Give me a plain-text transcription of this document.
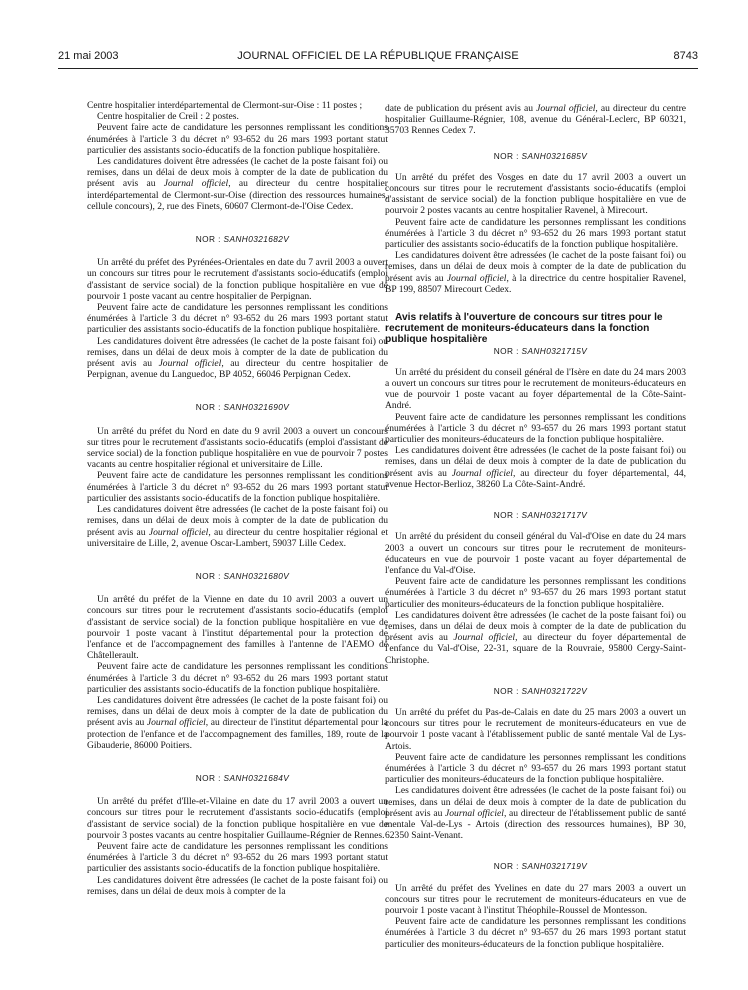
21 mai 2003	JOURNAL OFFICIEL DE LA RÉPUBLIQUE FRANÇAISE	8743

Centre hospitalier interdépartemental de Clermont-sur-Oise : 11 postes ;

Centre hospitalier de Creil : 2 postes.

Peuvent faire acte de candidature les personnes remplissant les conditions énumérées à l'article 3 du décret n° 93-652 du 26 mars 1993 portant statut particulier des assistants socio-éducatifs de la fonction publique hospitalière.

Les candidatures doivent être adressées (le cachet de la poste faisant foi) ou remises, dans un délai de deux mois à compter de la date de publication du présent avis au Journal officiel, au directeur du centre hospitalier interdépartemental de Clermont-sur-Oise (direction des ressources humaines, cellule concours), 2, rue des Finets, 60607 Clermont-de-l'Oise Cedex.

NOR : SANH0321682V

Un arrêté du préfet des Pyrénées-Orientales en date du 7 avril 2003 a ouvert un concours sur titres pour le recrutement d'assistants socio-éducatifs (emploi d'assistant de service social) de la fonction publique hospitalière en vue de pourvoir 1 poste vacant au centre hospitalier de Perpignan.

Peuvent faire acte de candidature les personnes remplissant les conditions énumérées à l'article 3 du décret n° 93-652 du 26 mars 1993 portant statut particulier des assistants socio-éducatifs de la fonction publique hospitalière.

Les candidatures doivent être adressées (le cachet de la poste faisant foi) ou remises, dans un délai de deux mois à compter de la date de publication du présent avis au Journal officiel, au directeur du centre hospitalier de Perpignan, avenue du Languedoc, BP 4052, 66046 Perpignan Cedex.

NOR : SANH0321690V

Un arrêté du préfet du Nord en date du 9 avril 2003 a ouvert un concours sur titres pour le recrutement d'assistants socio-éducatifs (emploi d'assistant de service social) de la fonction publique hospitalière en vue de pourvoir 7 postes vacants au centre hospitalier régional et universitaire de Lille.

Peuvent faire acte de candidature les personnes remplissant les conditions énumérées à l'article 3 du décret n° 93-652 du 26 mars 1993 portant statut particulier des assistants socio-éducatifs de la fonction publique hospitalière.

Les candidatures doivent être adressées (le cachet de la poste faisant foi) ou remises, dans un délai de deux mois à compter de la date de publication du présent avis au Journal officiel, au directeur du centre hospitalier régional et universitaire de Lille, 2, avenue Oscar-Lambert, 59037 Lille Cedex.

NOR : SANH0321680V

Un arrêté du préfet de la Vienne en date du 10 avril 2003 a ouvert un concours sur titres pour le recrutement d'assistants socio-éducatifs (emploi d'assistant de service social) de la fonction publique hospitalière en vue de pourvoir 1 poste vacant à l'institut départemental pour la protection de l'enfance et de l'accompagnement des familles à l'antenne de l'AEMO de Châtellerault.

Peuvent faire acte de candidature les personnes remplissant les conditions énumérées à l'article 3 du décret n° 93-652 du 26 mars 1993 portant statut particulier des assistants socio-éducatifs de la fonction publique hospitalière.

Les candidatures doivent être adressées (le cachet de la poste faisant foi) ou remises, dans un délai de deux mois à compter de la date de publication du présent avis au Journal officiel, au directeur de l'institut départemental pour la protection de l'enfance et de l'accompagnement des familles, 189, route de la Gibauderie, 86000 Poitiers.

NOR : SANH0321684V

Un arrêté du préfet d'Ille-et-Vilaine en date du 17 avril 2003 a ouvert un concours sur titres pour le recrutement d'assistants socio-éducatifs (emploi d'assistant de service social) de la fonction publique hospitalière en vue de pourvoir 3 postes vacants au centre hospitalier Guillaume-Régnier de Rennes.

Peuvent faire acte de candidature les personnes remplissant les conditions énumérées à l'article 3 du décret n° 93-652 du 26 mars 1993 portant statut particulier des assistants socio-éducatifs de la fonction publique hospitalière.

Les candidatures doivent être adressées (le cachet de la poste faisant foi) ou remises, dans un délai de deux mois à compter de la

date de publication du présent avis au Journal officiel, au directeur du centre hospitalier Guillaume-Régnier, 108, avenue du Général-Leclerc, BP 60321, 35703 Rennes Cedex 7.

NOR : SANH0321685V

Un arrêté du préfet des Vosges en date du 17 avril 2003 a ouvert un concours sur titres pour le recrutement d'assistants socio-éducatifs (emploi d'assistant de service social) de la fonction publique hospitalière en vue de pourvoir 2 postes vacants au centre hospitalier Ravenel, à Mirecourt.

Peuvent faire acte de candidature les personnes remplissant les conditions énumérées à l'article 3 du décret n° 93-652 du 26 mars 1993 portant statut particulier des assistants socio-éducatifs de la fonction publique hospitalière.

Les candidatures doivent être adressées (le cachet de la poste faisant foi) ou remises, dans un délai de deux mois à compter de la date de publication du présent avis au Journal officiel, à la directrice du centre hospitalier Ravenel, BP 199, 88507 Mirecourt Cedex.

Avis relatifs à l'ouverture de concours sur titres pour le recrutement de moniteurs-éducateurs dans la fonction publique hospitalière

NOR : SANH0321715V

Un arrêté du président du conseil général de l'Isère en date du 24 mars 2003 a ouvert un concours sur titres pour le recrutement de moniteurs-éducateurs en vue de pourvoir 1 poste vacant au foyer départemental de la Côte-Saint-André.

Peuvent faire acte de candidature les personnes remplissant les conditions énumérées à l'article 3 du décret n° 93-657 du 26 mars 1993 portant statut particulier des moniteurs-éducateurs de la fonction publique hospitalière.

Les candidatures doivent être adressées (le cachet de la poste faisant foi) ou remises, dans un délai de deux mois à compter de la date de publication du présent avis au Journal officiel, au directeur du foyer départemental, 44, avenue Hector-Berlioz, 38260 La Côte-Saint-André.

NOR : SANH0321717V

Un arrêté du président du conseil général du Val-d'Oise en date du 24 mars 2003 a ouvert un concours sur titres pour le recrutement de moniteurs-éducateurs en vue de pourvoir 1 poste vacant au foyer départemental de l'enfance du Val-d'Oise.

Peuvent faire acte de candidature les personnes remplissant les conditions énumérées à l'article 3 du décret n° 93-657 du 26 mars 1993 portant statut particulier des moniteurs-éducateurs de la fonction publique hospitalière.

Les candidatures doivent être adressées (le cachet de la poste faisant foi) ou remises, dans un délai de deux mois à compter de la date de publication du présent avis au Journal officiel, au directeur du foyer départemental de l'enfance du Val-d'Oise, 22-31, square de la Rouvraie, 95800 Cergy-Saint-Christophe.

NOR : SANH0321722V

Un arrêté du préfet du Pas-de-Calais en date du 25 mars 2003 a ouvert un concours sur titres pour le recrutement de moniteurs-éducateurs en vue de pourvoir 1 poste vacant à l'établissement public de santé mentale Val de Lys-Artois.

Peuvent faire acte de candidature les personnes remplissant les conditions énumérées à l'article 3 du décret n° 93-657 du 26 mars 1993 portant statut particulier des moniteurs-éducateurs de la fonction publique hospitalière.

Les candidatures doivent être adressées (le cachet de la poste faisant foi) ou remises, dans un délai de deux mois à compter de la date de publication du présent avis au Journal officiel, au directeur de l'établissement public de santé mentale Val-de-Lys - Artois (direction des ressources humaines), BP 30, 62350 Saint-Venant.

NOR : SANH0321719V

Un arrêté du préfet des Yvelines en date du 27 mars 2003 a ouvert un concours sur titres pour le recrutement de moniteurs-éducateurs en vue de pourvoir 1 poste vacant à l'institut Théophile-Roussel de Montesson.

Peuvent faire acte de candidature les personnes remplissant les conditions énumérées à l'article 3 du décret n° 93-657 du 26 mars 1993 portant statut particulier des moniteurs-éducateurs de la fonction publique hospitalière.
